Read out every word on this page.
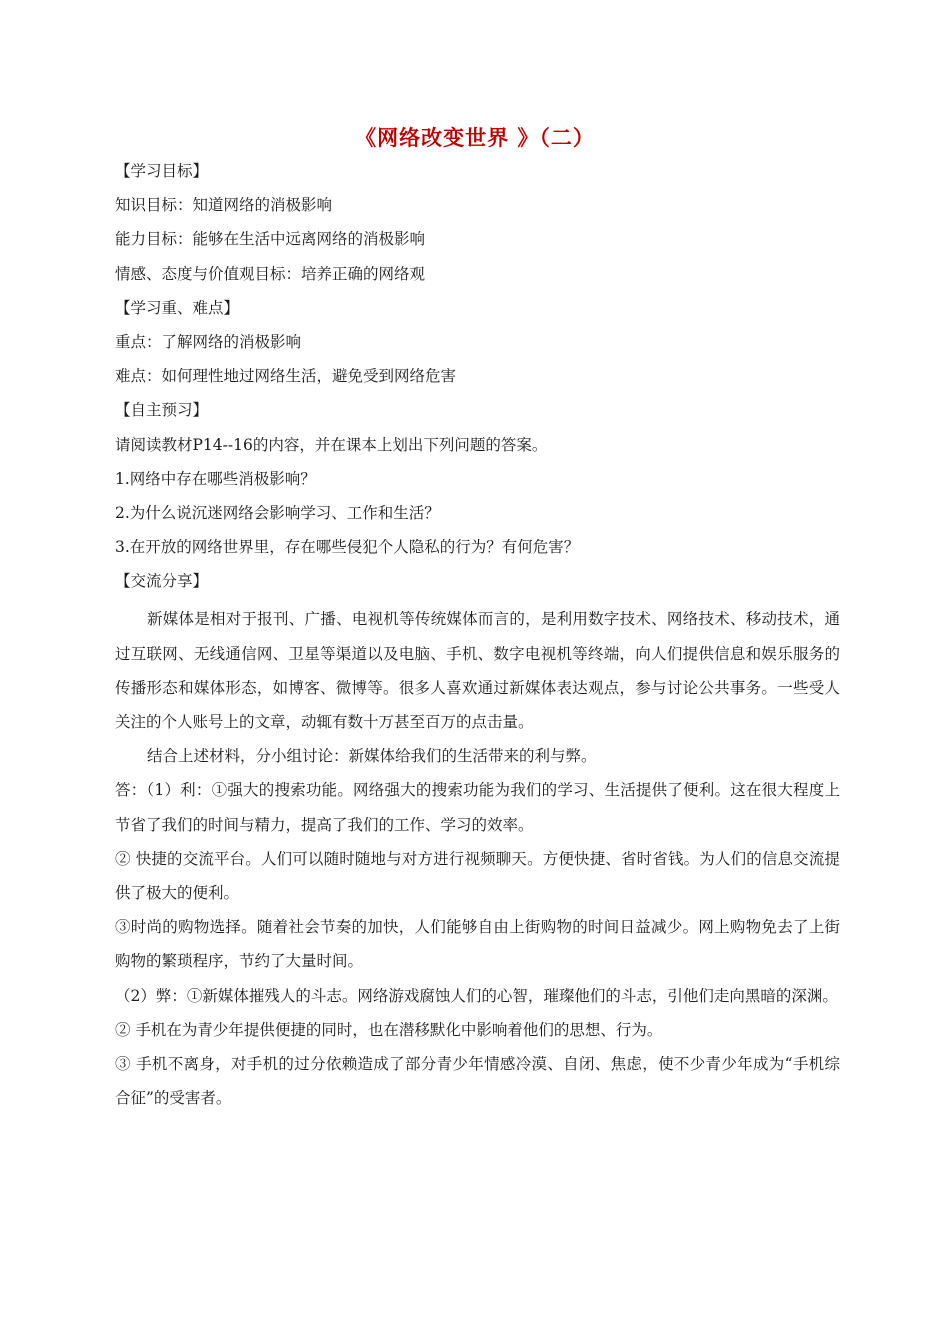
《网络改变世界 》（二）
【学习目标】
知识目标：知道网络的消极影响
能力目标：能够在生活中远离网络的消极影响
情感、态度与价值观目标：培养正确的网络观
【学习重、难点】
重点：了解网络的消极影响
难点：如何理性地过网络生活，避免受到网络危害
【自主预习】
请阅读教材P14--16的内容，并在课本上划出下列问题的答案。
1.网络中存在哪些消极影响？
2.为什么说沉迷网络会影响学习、工作和生活？
3.在开放的网络世界里，存在哪些侵犯个人隐私的行为？有何危害？
【交流分享】

新媒体是相对于报刊、广播、电视机等传统媒体而言的，是利用数字技术、网络技术、移动技术，通过互联网、无线通信网、卫星等渠道以及电脑、手机、数字电视机等终端，向人们提供信息和娱乐服务的传播形态和媒体形态，如博客、微博等。很多人喜欢通过新媒体表达观点，参与讨论公共事务。一些受人关注的个人账号上的文章，动辄有数十万甚至百万的点击量。

结合上述材料，分小组讨论：新媒体给我们的生活带来的利与弊。

答：（1）利：①强大的搜索功能。网络强大的搜索功能为我们的学习、生活提供了便利。这在很大程度上节省了我们的时间与精力，提高了我们的工作、学习的效率。

② 快捷的交流平台。人们可以随时随地与对方进行视频聊天。方便快捷、省时省钱。为人们的信息交流提供了极大的便利。

③时尚的购物选择。随着社会节奏的加快，人们能够自由上街购物的时间日益减少。网上购物免去了上街购物的繁琐程序，节约了大量时间。

（2）弊：①新媒体摧残人的斗志。网络游戏腐蚀人们的心智，璀璨他们的斗志，引他们走向黑暗的深渊。

② 手机在为青少年提供便捷的同时，也在潜移默化中影响着他们的思想、行为。

③ 手机不离身，对手机的过分依赖造成了部分青少年情感冷漠、自闭、焦虑，使不少青少年成为“手机综合征”的受害者。
